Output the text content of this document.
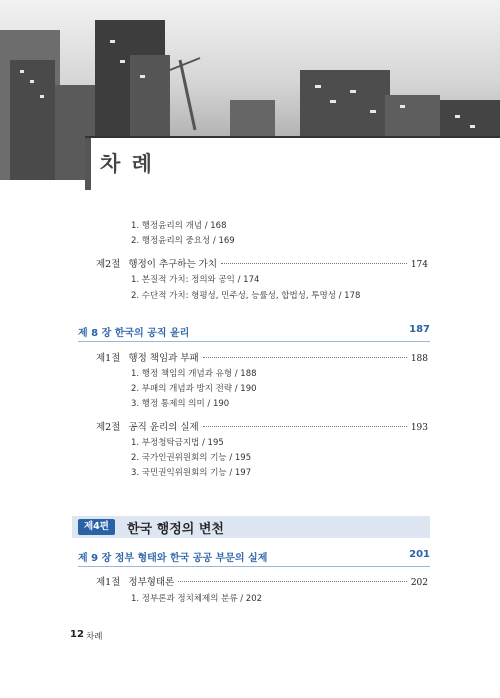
차 례
1. 행정윤리의 개념 / 168
2. 행정윤리의 중요성 / 169
제2절 행정이 추구하는 가치	174
1. 본질적 가치: 정의와 공익 / 174
2. 수단적 가치: 형평성, 민주성, 능률성, 합법성, 투명성 / 178
제 8 장 한국의 공직 윤리	187
제1절 행정 책임과 부패	188
1. 행정 책임의 개념과 유형 / 188
2. 부패의 개념과 방지 전략 / 190
3. 행정 통제의 의미 / 190
제2절 공직 윤리의 실제	193
1. 부정청탁금지법 / 195
2. 국가인권위원회의 기능 / 195
3. 국민권익위원회의 기능 / 197
제4편	한국 행정의 변천
제 9 장 정부 형태와 한국 공공 부문의 실제	201
제1절 정부형태론	202
1. 정부론과 정치체제의 분류 / 202
12 차례
